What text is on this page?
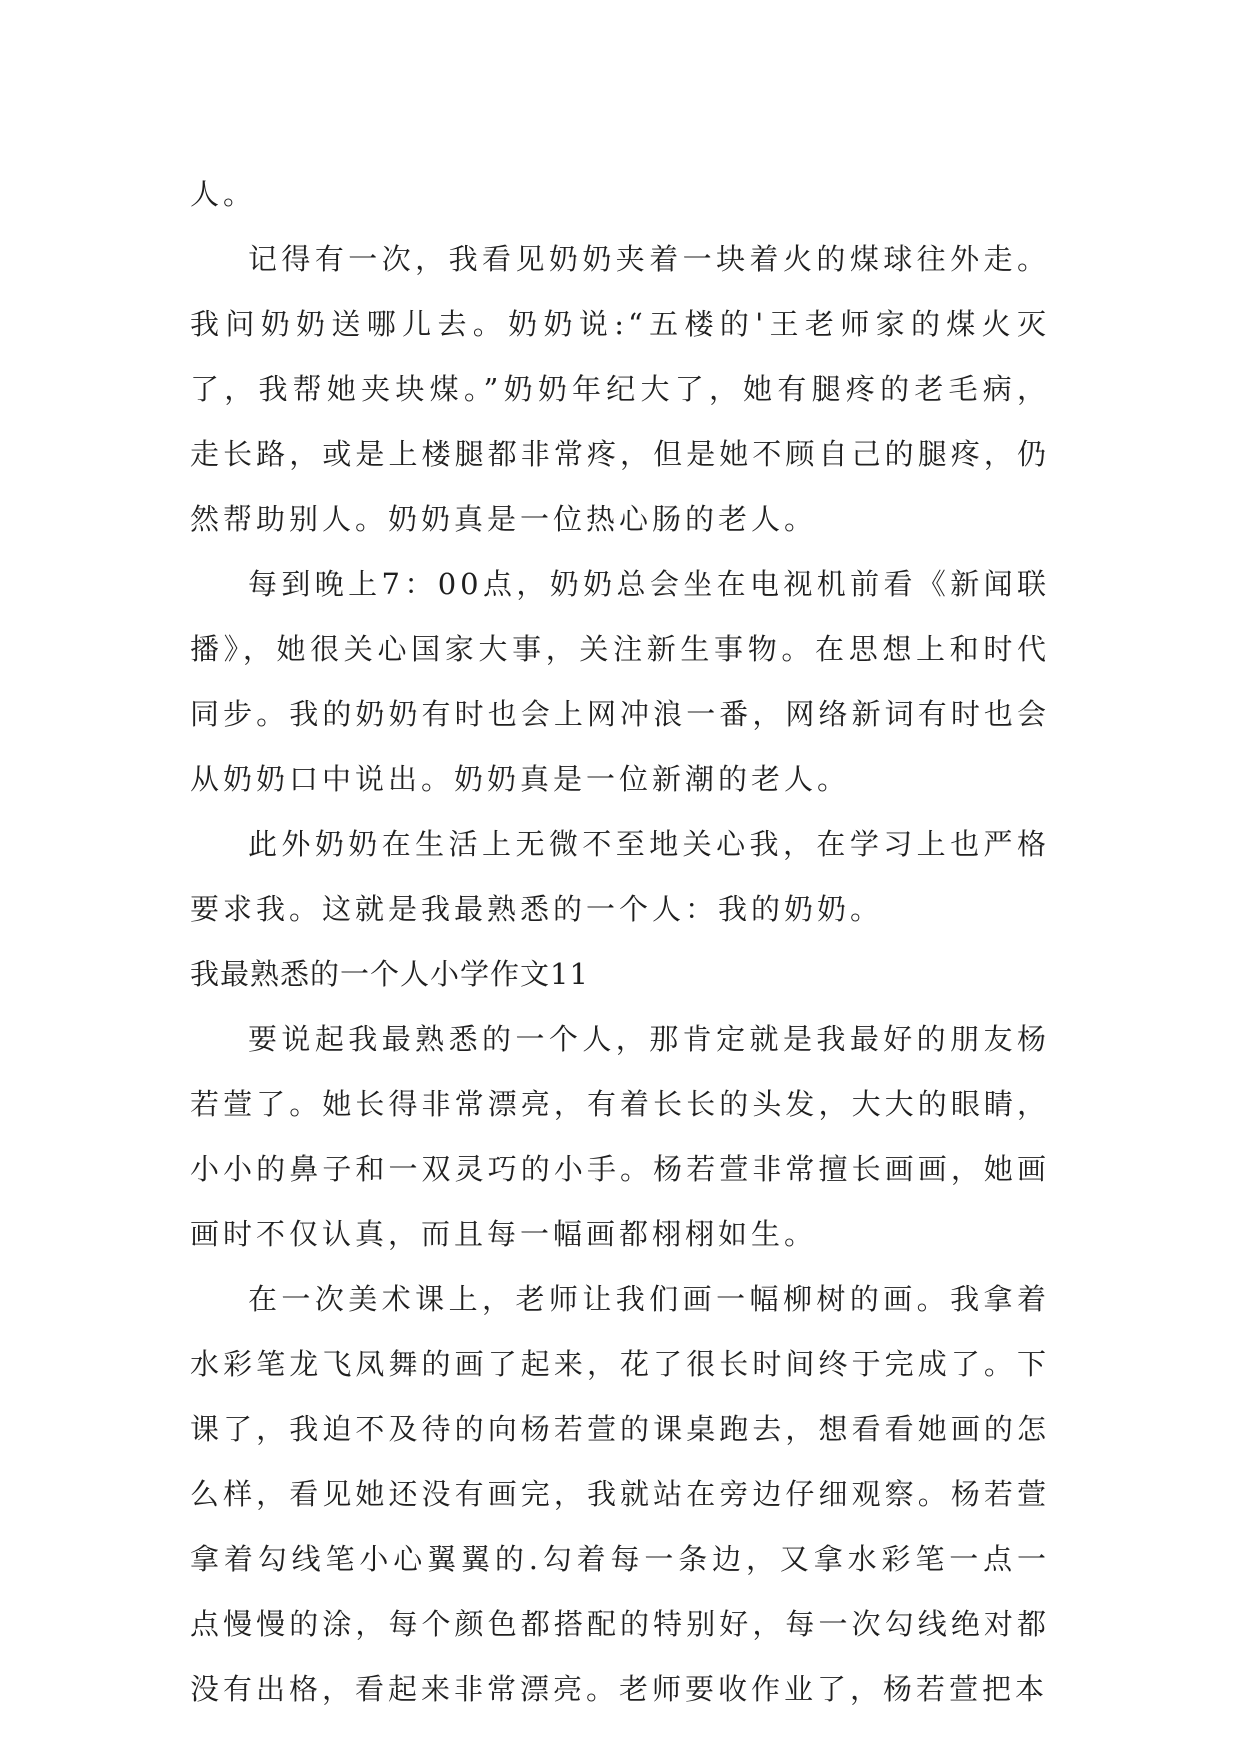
人。

记得有一次，我看见奶奶夹着一块着火的煤球往外走。我问奶奶送哪儿去。奶奶说:“五楼的'王老师家的煤火灭了，我帮她夹块煤。”奶奶年纪大了，她有腿疼的老毛病，走长路，或是上楼腿都非常疼，但是她不顾自己的腿疼，仍然帮助别人。奶奶真是一位热心肠的老人。

每到晚上7：00点，奶奶总会坐在电视机前看《新闻联播》，她很关心国家大事，关注新生事物。在思想上和时代同步。我的奶奶有时也会上网冲浪一番，网络新词有时也会从奶奶口中说出。奶奶真是一位新潮的老人。

此外奶奶在生活上无微不至地关心我，在学习上也严格要求我。这就是我最熟悉的一个人：我的奶奶。

我最熟悉的一个人小学作文11

要说起我最熟悉的一个人，那肯定就是我最好的朋友杨若萱了。她长得非常漂亮，有着长长的头发，大大的眼睛，小小的鼻子和一双灵巧的小手。杨若萱非常擅长画画，她画画时不仅认真，而且每一幅画都栩栩如生。

在一次美术课上，老师让我们画一幅柳树的画。我拿着水彩笔龙飞凤舞的画了起来，花了很长时间终于完成了。下课了，我迫不及待的向杨若萱的课桌跑去，想看看她画的怎么样，看见她还没有画完，我就站在旁边仔细观察。杨若萱拿着勾线笔小心翼翼的.勾着每一条边，又拿水彩笔一点一点慢慢的涂，每个颜色都搭配的特别好，每一次勾线绝对都没有出格，看起来非常漂亮。老师要收作业了，杨若萱把本
